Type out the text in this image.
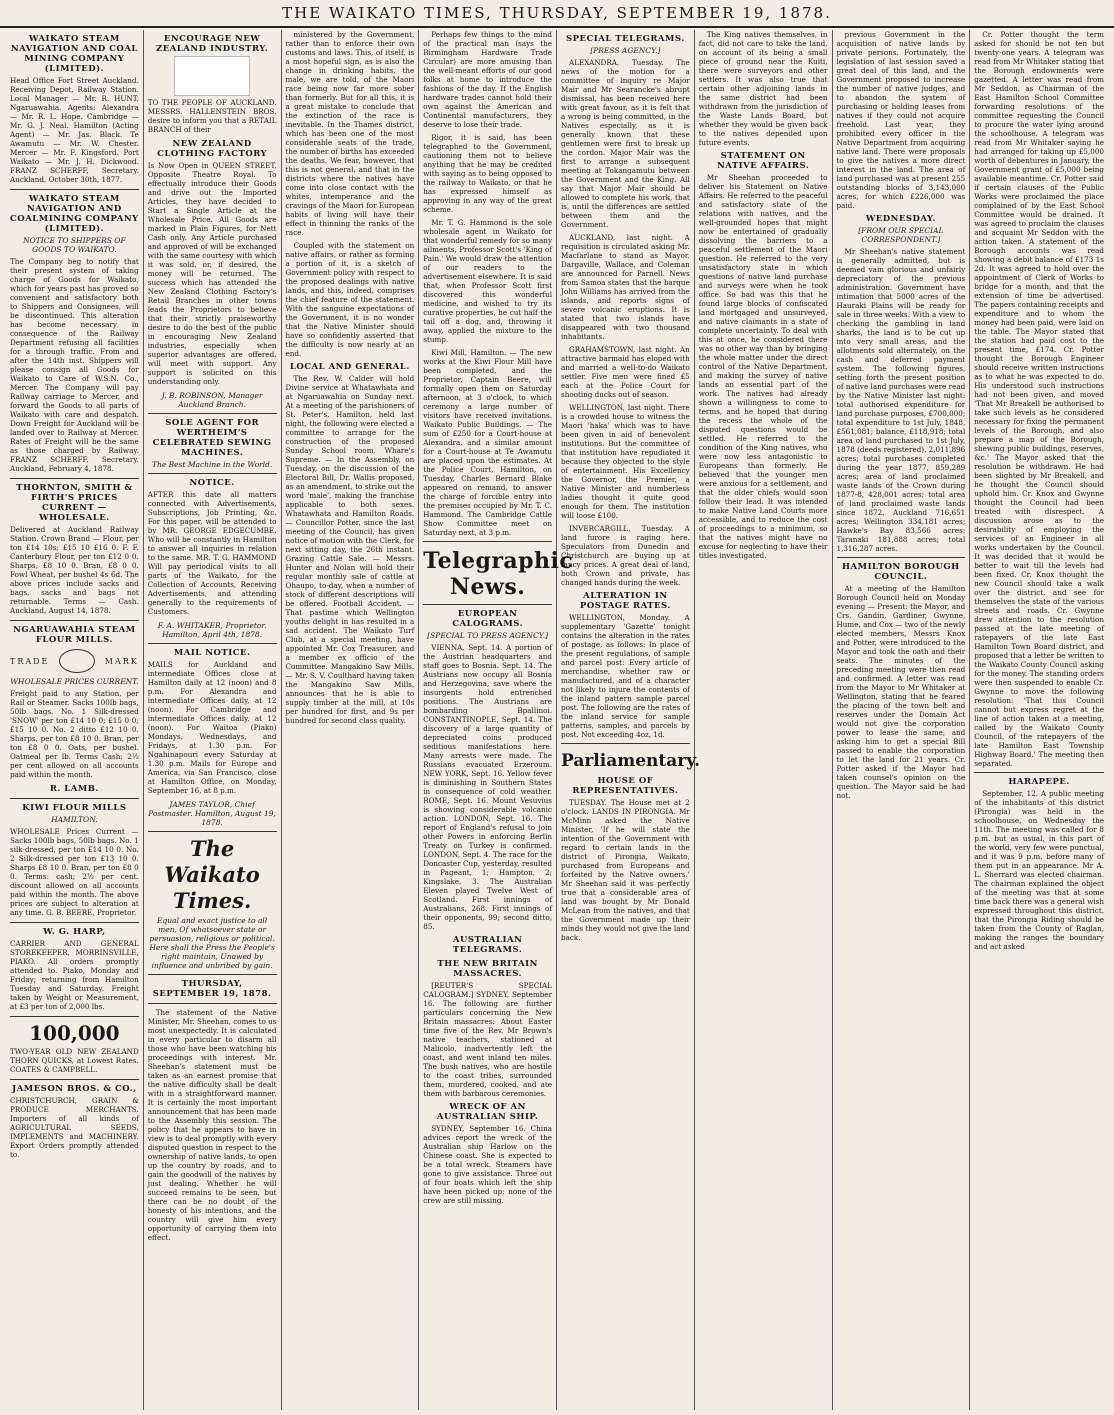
THE WAIKATO TIMES, THURSDAY, SEPTEMBER 19, 1878.
WAIKATO STEAM NAVIGATION AND COAL MINING COMPANY (LIMITED).
Head Office Fort Street Auckland. Receiving Depot, Railway Station. Local Manager — Mr. R. HUNT, Ngaruawahia. Agents: Alexandra — Mr. R. L. Hope. Cambridge — Mr. G. J. Neal. Hamilton (Acting Agent) — Mr. Jas. Black. Te Awamutu — Mr. W. Chester. Mercer — Mr. F. Kingsford. Port Waikato — Mr. J. H. Dickwood. FRANZ SCHERFF, Secretary. Auckland, October 30th, 1877.
WAIKATO STEAM NAVIGATION AND COALMINING COMPANY (LIMITED).
NOTICE TO SHIPPERS OF GOODS TO WAIKATO.
The Company beg to notify that their present system of taking charge of Goods for Waikato, which for years past has proved so convenient and satisfactory both to Shippers and Consignees, will be discontinued. This alteration has become necessary in consequence of the Railway Department refusing all facilities for a through traffic. From and after the 14th inst. Shippers will please consign all Goods for Waikato to Care of W.S.N. Co., Mercer. The Company will pay Railway carriage to Mercer, and forward the Goods to all parts of Waikato with care and despatch. Down Freight for Auckland will be landed over to Railway at Mercer. Rates of Freight will be the same as those charged by Railway. FRANZ SCHERFF, Secretary. Auckland, February 4, 1878.
THORNTON, SMITH & FIRTH'S PRICES CURRENT — WHOLESALE.
Delivered at Auckland Railway Station. Crown Brand — Flour, per ton £14 10s; £15 10 £16 0. F. F. Canterbury Flour, per ton £12 0 0. Sharps, £8 10 0. Bran, £8 0 0. Fowl Wheat, per bushel 4s 6d. The above prices include sacks and bags, sacks and bags not returnable. Terms — Cash. Auckland, August 14, 1878.
NGARUAWAHIA STEAM FLOUR MILLS.
TRADE	MARK
WHOLESALE PRICES CURRENT.
Freight paid to any Station, per Rail or Steamer. Sacks 100lb bags, 50lb bags. No. 1 Silk-dressed 'SNOW' per ton £14 10 0; £15 0 0; £15 10 0. No. 2 ditto £12 10 0. Sharps, per ton £8 10 0. Bran, per ton £8 0 0. Oats, per bushel. Oatmeal per lb. Terms Cash: 2½ per cent allowed on all accounts paid within the month.
R. LAMB.
KIWI FLOUR MILLS
HAMILTON.
WHOLESALE Prices Current — Sacks 100lb bags, 50lb bags. No. 1 silk-dressed, per ton £14 10 0. No. 2 Silk-dressed per ton £13 10 0. Sharps £8 10 0. Bran, per ton £8 0 0. Terms: cash; 2½ per cent. discount allowed on all accounts paid within the month. The above prices are subject to alteration at any time. G. B. BEERE, Proprietor.
W. G. HARP,
CARRIER AND GENERAL STOREKEEPER, MORRINSVILLE, PIAKO. All orders promptly attended to. Piako, Monday and Friday; returning from Hamilton Tuesday and Saturday. Freight taken by Weight or Measurement, at £3 per ton of 2,000 lbs.
100,000
TWO-YEAR OLD NEW ZEALAND THORN QUICKS, at Lowest Rates. COATES & CAMPBELL.
JAMESON BROS. & CO.,
CHRISTCHURCH, GRAIN & PRODUCE MERCHANTS. Importers of all kinds of AGRICULTURAL SEEDS, IMPLEMENTS and MACHINERY. Export Orders promptly attended to.
ENCOURAGE NEW ZEALAND INDUSTRY.
TO THE PEOPLE OF AUCKLAND. MESSRS. HALLENSTEIN BROS. desire to inform you that a RETAIL BRANCH of their
NEW ZEALAND CLOTHING FACTORY
Is Now Open in QUEEN STREET, Opposite Theatre Royal. To effectually introduce their Goods and drive out the Imported Articles, they have decided to Start a Single Article at the Wholesale Price. All Goods are marked in Plain Figures, for Nett Cash only. Any Article purchased and approved of will be exchanged with the same courtesy with which it was sold, or, if desired, the money will be returned. The success which has attended the New Zealand Clothing Factory's Retail Branches in other towns leads the Proprietors to believe that their strictly praiseworthy desire to do the best of the public in encouraging New Zealand industries, especially when superior advantages are offered, will meet with support. Any support is solicited on this understanding only.
J. B. ROBINSON, Manager Auckland Branch.
SOLE AGENT FOR WERTHEIM'S CELEBRATED SEWING MACHINES.
The Best Machine in the World.
NOTICE.
AFTER this date all matters connected with Advertisements, Subscriptions, Job Printing, &c. For this paper, will be attended to by MR. GEORGE EDGECUMBE, Who will be constantly in Hamilton to answer all inquiries in relation to the same. MR. T. G. HAMMOND Will pay periodical visits to all parts of the Waikato, for the Collection of Accounts, Receiving Advertisements, and attending generally to the requirements of Customers.
F. A. WHITAKER, Proprietor. Hamilton, April 4th, 1878.
MAIL NOTICE.
MAILS for Auckland and intermediate Offices close at Hamilton daily at 12 (noon) and 8 p.m. For Alexandra and intermediate Offices daily, at 12 (noon). For Cambridge and intermediate Offices daily, at 12 (noon). For Waitoa (Piako) Mondays, Wednesdays, and Fridays, at 1.30 p.m. For Ngahinapouri every Saturday at 1.30 p.m. Mails for Europe and America, via San Francisco, close at Hamilton Office, on Monday, September 16, at 8 p.m.
JAMES TAYLOR, Chief Postmaster. Hamilton, August 19, 1878.
The Waikato Times.
Equal and exact justice to all men, Of whatsoever state or persuasion, religious or political. Here shall the Press the People's right maintain, Unawed by influence and unbribed by gain.
THURSDAY, SEPTEMBER 19, 1878.
The statement of the Native Minister, Mr. Sheehan, comes to us most unexpectedly. It is calculated in every particular to disarm all those who have been watching his proceedings with interest. Mr. Sheehan's statement must be taken as an earnest promise that the native difficulty shall be dealt with in a straightforward manner. It is certainly the most important announcement that has been made to the Assembly this session. The policy that he appears to have in view is to deal promptly with every disputed question in respect to the ownership of native lands, to open up the country by roads, and to gain the goodwill of the natives by just dealing. Whether he will succeed remains to be seen, but there can be no doubt of the honesty of his intentions, and the country will give him every opportunity of carrying them into effect.
ministered by the Government, rather than to enforce their own customs and laws. This, of itself, is a most hopeful sign, as is also the change in drinking habits, the male, we are told, of the Maori race being now far more sober than formerly. But for all this, it is a great mistake to conclude that the extinction of the race is inevitable. In the Thames district, which has been one of the most considerable seats of the trade, the number of births has exceeded the deaths. We fear, however, that this is not general, and that in the districts where the natives have come into close contact with the whites, intemperance and the cravings of the Maori for European habits of living will have their effect in thinning the ranks of the race.
Coupled with the statement on native affairs, or rather as forming a portion of it, is a sketch of Government policy with respect to the proposed dealings with native lands, and this, indeed, comprises the chief feature of the statement. With the sanguine expectations of the Government, it is no wonder that the Native Minister should have so confidently asserted that the difficulty is now nearly at an end.
LOCAL AND GENERAL.
The Rev. W. Calder will hold Divine service at Whatawhata and at Ngaruawahia on Sunday next. At a meeting of the parishioners of St. Peter's, Hamilton, held last night, the following were elected a committee to arrange for the construction of the proposed Sunday School room. Whare's Supreme. — In the Assembly, on Tuesday, on the discussion of the Electoral Bill, Dr. Wallis proposed, as an amendment, to strike out the word 'male', making the franchise applicable to both sexes. Whatawhata and Hamilton Roads. — Councillor Potter, since the last meeting of the Council, has given notice of motion with the Clerk, for next sitting day, the 26th instant. Grazing Cattle Sale. — Messrs. Hunter and Nolan will hold their regular monthly sale of cattle at Ohaupo, to-day, when a number of stock of different descriptions will be offered. Football Accident. — That pastime which Wellington youths delight in has resulted in a sad accident. The Waikato Turf Club, at a special meeting, have appointed Mr. Cox Treasurer, and a member ex officio of the Committee. Mangakino Saw Mills. — Mr. S. V. Coulthard having taken the Mangakino Saw Mills, announces that he is able to supply timber at the mill, at 10s per hundred for first, and 9s per hundred for second class quality.
Perhaps few things to the mind of the practical man (says the Birmingham Hardware Trade Circular) are more amusing than the well-meant efforts of our good folks at home to introduce the fashions of the day. If the English hardware trades cannot hold their own against the American and Continental manufacturers, they deserve to lose their trade.
Rigor, it is said, has been telegraphed to the Government, cautioning them not to believe anything that he may be credited with saying as to being opposed to the railway to Waikato, or that he has expressed himself as approving in any way of the great scheme.
Mr. T. G. Hammond is the sole wholesale agent in Waikato for that wonderful remedy for so many ailments, Professor Scott's 'King of Pain.' We would draw the attention of our readers to the advertisement elsewhere. It is said that, when Professor Scott first discovered this wonderful medicine, and wished to try its curative properties, he cut half the tail off a dog, and, throwing it away, applied the mixture to the stump.
Kiwi Mill, Hamilton. — The new works at the Kiwi Flour Mill have been completed, and the Proprietor, Captain Beere, will formally open them on Saturday afternoon, at 3 o'clock, to which ceremony a large number of visitors have received invitations. Waikato Public Buildings. — The sum of £250 for a Court-house at Alexandra, and a similar amount for a Court-house at Te Awamutu are placed upon the estimates. At the Police Court, Hamilton, on Tuesday, Charles Bernard Blake appeared on remand, to answer the charge of forcible entry into the premises occupied by Mr. T. C. Hammond. The Cambridge Cattle Show Committee meet on Saturday next, at 3 p.m.
Telegraphic News.
EUROPEAN CALOGRAMS.
[SPECIAL TO PRESS AGENCY.]
VIENNA, Sept. 14. A portion of the Austrian headquarters and staff goes to Bosnia. Sept. 14. The Austrians now occupy all Bosnia and Herzegovina, save where the insurgents hold entrenched positions. The Austrians are bombarding Bpallinoi. CONSTANTINOPLE, Sept. 14. The discovery of a large quantity of depreciated coins produced seditious manifestations here. Many arrests were made. The Russians evacuated Erzeroum. NEW YORK, Sept. 16. Yellow fever is diminishing in Southern States in consequence of cold weather. ROME, Sept. 16. Mount Vesuvius is showing considerable volcanic action. LONDON, Sept. 16. The report of England's refusal to join other Powers in enforcing Berlin Treaty on Turkey is confirmed. LONDON, Sept. 4. The race for the Doncaster Cup, yesterday, resulted in Pageant, 1; Hampton, 2; Kingslake, 3. The Australian Eleven played Twelve West of Scotland. First innings of Australians, 268. First innings of their opponents, 99; second ditto, 85.
AUSTRALIAN TELEGRAMS.
THE NEW BRITAIN MASSACRES.
[REUTER'S SPECIAL CALOGRAM.] SYDNEY, September 16. The following are further particulars concerning the New Britain massacres: About Easter time five of the Rev. Mr Brown's native teachers, stationed at Malicolo, inadvertently left the coast, and went inland ten miles. The bush natives, who are hostile to the coast tribes, surrounded them, murdered, cooked, and ate them with barbarous ceremonies.
WRECK OF AN AUSTRALIAN SHIP.
SYDNEY, September 16. China advices report the wreck of the Australian ship Harlow on the Chinese coast. She is expected to be a total wreck. Steamers have gone to give assistance. Three out of four boats which left the ship have been picked up; none of the crew are still missing.
SPECIAL TELEGRAMS.
[PRESS AGENCY.]
ALEXANDRA, Tuesday. The news of the motion for a committee of inquiry re Major Mair and Mr Searancke's abrupt dismissal, has been received here with great favour, as it is felt that a wrong is being committed, in the Natives especially, as it is generally known that these gentlemen were first to break up the cordon. Major Mair was the first to arrange a subsequent meeting at Tokangamutu between the Government and the King. All say that Major Mair should be allowed to complete his work, that is, until the differences are settled between them and the Government.
AUCKLAND, last night. A requisition is circulated asking Mr. Macfarlane to stand as Mayor. Dargaville, Wallace, and Coleman are announced for Parnell. News from Samoa states that the barque John Williams has arrived from the islands, and reports signs of severe volcanic eruptions. It is stated that two islands have disappeared with two thousand inhabitants.
GRAHAMSTOWN, last night. An attractive barmaid has eloped with and married a well-to-do Waikato settler. Five men were fined £5 each at the Police Court for shooting ducks out of season.
WELLINGTON, last night. There is a crowded house to witness the Maori 'haka' which was to have been given in aid of benevolent institutions. But the committee of that institution have repudiated it because they objected to the style of entertainment. His Excellency the Governor, the Premier, a Native Minister and numberless ladies thought it quite good enough for them. The institution will loose £100.
INVERCARGILL, Tuesday. A land furore is raging here. Speculators from Dunedin and Christchurch are buying up at fancy prices. A great deal of land, both Crown and private, has changed hands during the week.
ALTERATION IN POSTAGE RATES.
WELLINGTON, Monday. A supplementary 'Gazette' tonight contains the alteration in the rates of postage, as follows: In place of the present regulations, of sample and parcel post: Every article of merchandise, whether raw or manufactured, and of a character not likely to injure the contents of the inland pattern sample parcel post. The following are the rates of the inland service for sample patterns, samples, and parcels by post. Not exceeding 4oz, 1d.
Parliamentary.
HOUSE OF REPRESENTATIVES.
TUESDAY. The House met at 2 o'clock. LANDS IN PIRONGIA. Mr McMinn asked the Native Minister, 'If he will state the intention of the Government with regard to certain lands in the district of Pirongia, Waikato, purchased from Europeans and forfeited by the Native owners.' Mr Sheehan said it was perfectly true that a considerable area of land was bought by Mr Donald McLean from the natives, and that the Government made up their minds they would not give the land back.
The King natives themselves, in fact, did not care to take the land, on account of its being a small piece of ground near the Kuiti, there were surveyors and other settlers. It was also true that certain other adjoining lands in the same district had been withdrawn from the jurisdiction of the Waste Lands Board, but whether they would be given back to the natives depended upon future events.
STATEMENT ON NATIVE AFFAIRS.
Mr Sheehan proceeded to deliver his Statement on Native Affairs. He referred to the peaceful and satisfactory state of the relations with natives, and the well-grounded hopes that might now be entertained of gradually dissolving the barriers to a peaceful settlement of the Maori question. He referred to the very unsatisfactory state in which questions of native land purchase and surveys were when he took office. So bad was this that he found large blocks of confiscated land mortgaged and unsurveyed, and native claimants in a state of complete uncertainty. To deal with this at once, he considered there was no other way than by bringing the whole matter under the direct control of the Native Department, and making the survey of native lands an essential part of the work. The natives had already shown a willingness to come to terms, and he hoped that during the recess the whole of the disputed questions would be settled. He referred to the condition of the King natives, who were now less antagonistic to Europeans than formerly. He believed that the younger men were anxious for a settlement, and that the older chiefs would soon follow their lead. It was intended to make Native Land Courts more accessible, and to reduce the cost of proceedings to a minimum, so that the natives might have no excuse for neglecting to have their titles investigated.
previous Government in the acquisition of native lands by private persons. Fortunately, the legislation of last session saved a great deal of this land, and the Government proposed to increase the number of native judges, and to abandon the system of purchasing or holding leases from natives if they could not acquire freehold. Last year, they prohibited every officer in the Native Department from acquiring native land. There were proposals to give the natives a more direct interest in the land. The area of land purchased was at present 255 outstanding blocks of 3,143,000 acres, for which £226,000 was paid.
WEDNESDAY.
[FROM OUR SPECIAL CORRESPONDENT.]
Mr Sheehan's native statement is generally admitted, but is deemed vain glorious and unfairly depreciatory of the previous administration. Government have intimation that 5000 acres of the Hauraki Plains will be ready for sale in three weeks. With a view to checking the gambling in land sharks, the land is to be cut up into very small areas, and the allotments sold alternately, on the cash and deferred payment system. The following figures, setting forth the present position of native land purchases were read by the Native Minister last night: total authorised expenditure for land purchase purposes, £700,000; total expenditure to 1st July, 1848, £561,081; balance, £118,918; total area of land purchased to 1st July, 1878 (deeds registered), 2,011,896 acres; total purchases completed during the year 1877, 859,289 acres; area of land proclaimed waste lands of the Crown during 1877-8, 428,001 acres; total area of land proclaimed waste lands since 1872, Auckland 716,651 acres; Wellington 334,181 acres; Hawke's Bay 83,566 acres; Taranaki 181,888 acres; total 1,316,287 acres.
HAMILTON BOROUGH COUNCIL.
At a meeting of the Hamilton Borough Council held on Monday evening — Present: the Mayor, and Crs. Gandin, Gardiner, Gwynne, Hume, and Cox — two of the newly elected members, Messrs Knox and Potter, were introduced to the Mayor and took the oath and their seats. The minutes of the preceding meeting were then read and confirmed. A letter was read from the Mayor to Mr Whitaker at Wellington, stating that he feared the placing of the town belt and reserves under the Domain Act would not give the corporation power to lease the same, and asking him to get a special Bill passed to enable the corporation to let the land for 21 years. Cr. Potter asked if the Mayor had taken counsel's opinion on the question. The Mayor said he had not.
Cr. Potter thought the term asked for should be not ten but twenty-one years. A telegram was read from Mr Whitaker stating that the Borough endowments were gazetted. A letter was read from Mr Seddon, as Chairman of the East Hamilton School Committee forwarding resolutions of the committee requesting the Council to procure the water lying around the schoolhouse. A telegram was read from Mr Whitaker saying he had arranged for taking up £5,000 worth of debentures in January, the Government grant of £5,000 being available meantime. Cr. Potter said if certain clauses of the Public Works were proclaimed the place complained of by the East School Committee would be drained. It was agreed to proclaim the clauses and acquaint Mr Seddon with the action taken. A statement of the Borough accounts was read showing a debit balance of £173 1s 2d. It was agreed to hold over the appointment of Clerk of Works to bridge for a month, and that the extension of time be advertised. The papers containing receipts and expenditure and to whom the money had been paid, were laid on the table. The Mayor stated that the station had paid cost to the present time, £174. Cr. Potter thought the Borough Engineer should receive written instructions as to what he was expected to do. His understood such instructions had not been given, and moved 'That Mr Breakell be authorised to take such levels as he considered necessary for fixing the permanent levels of the Borough, and also prepare a map of the Borough, shewing public buildings, reserves, &c.' The Mayor asked that the resolution be withdrawn. He had been slighted by Mr Breakell, and he thought the Council should uphold him. Cr. Knox and Gwynne thought the Council had been treated with disrespect. A discussion arose as to the desirability of employing the services of an Engineer in all works undertaken by the Council. It was decided that it would be better to wait till the levels had been fixed. Cr. Knox thought the new Council should take a walk over the district, and see for themselves the state of the various streets and roads. Cr. Gwynne drew attention to the resolution passed at the late meeting of ratepayers of the late East Hamilton Town Board district, and proposed that a letter be written to the Waikato County Council asking for the money. The standing orders were then suspended to enable Cr. Gwynne to move the following resolution: 'That this Council cannot but express regret at the line of action taken at a meeting, called by the Waikato County Council, of the ratepayers of the late Hamilton East Township Highway Board.' The meeting then separated.
HARAPEPE.
September, 12. A public meeting of the inhabitants of this district (Pirongia) was held in the schoolhouse, on Wednesday the 11th. The meeting was called for 8 p.m. but as usual, in this part of the world, very few were punctual, and it was 9 p.m. before many of them put in an appearance. Mr A. L. Sherrard was elected chairman. The chairman explained the object of the meeting was that at some time back there was a general wish expressed throughout this district, that the Pirongia Riding should be taken from the County of Raglan, making the ranges the boundary and act asked
